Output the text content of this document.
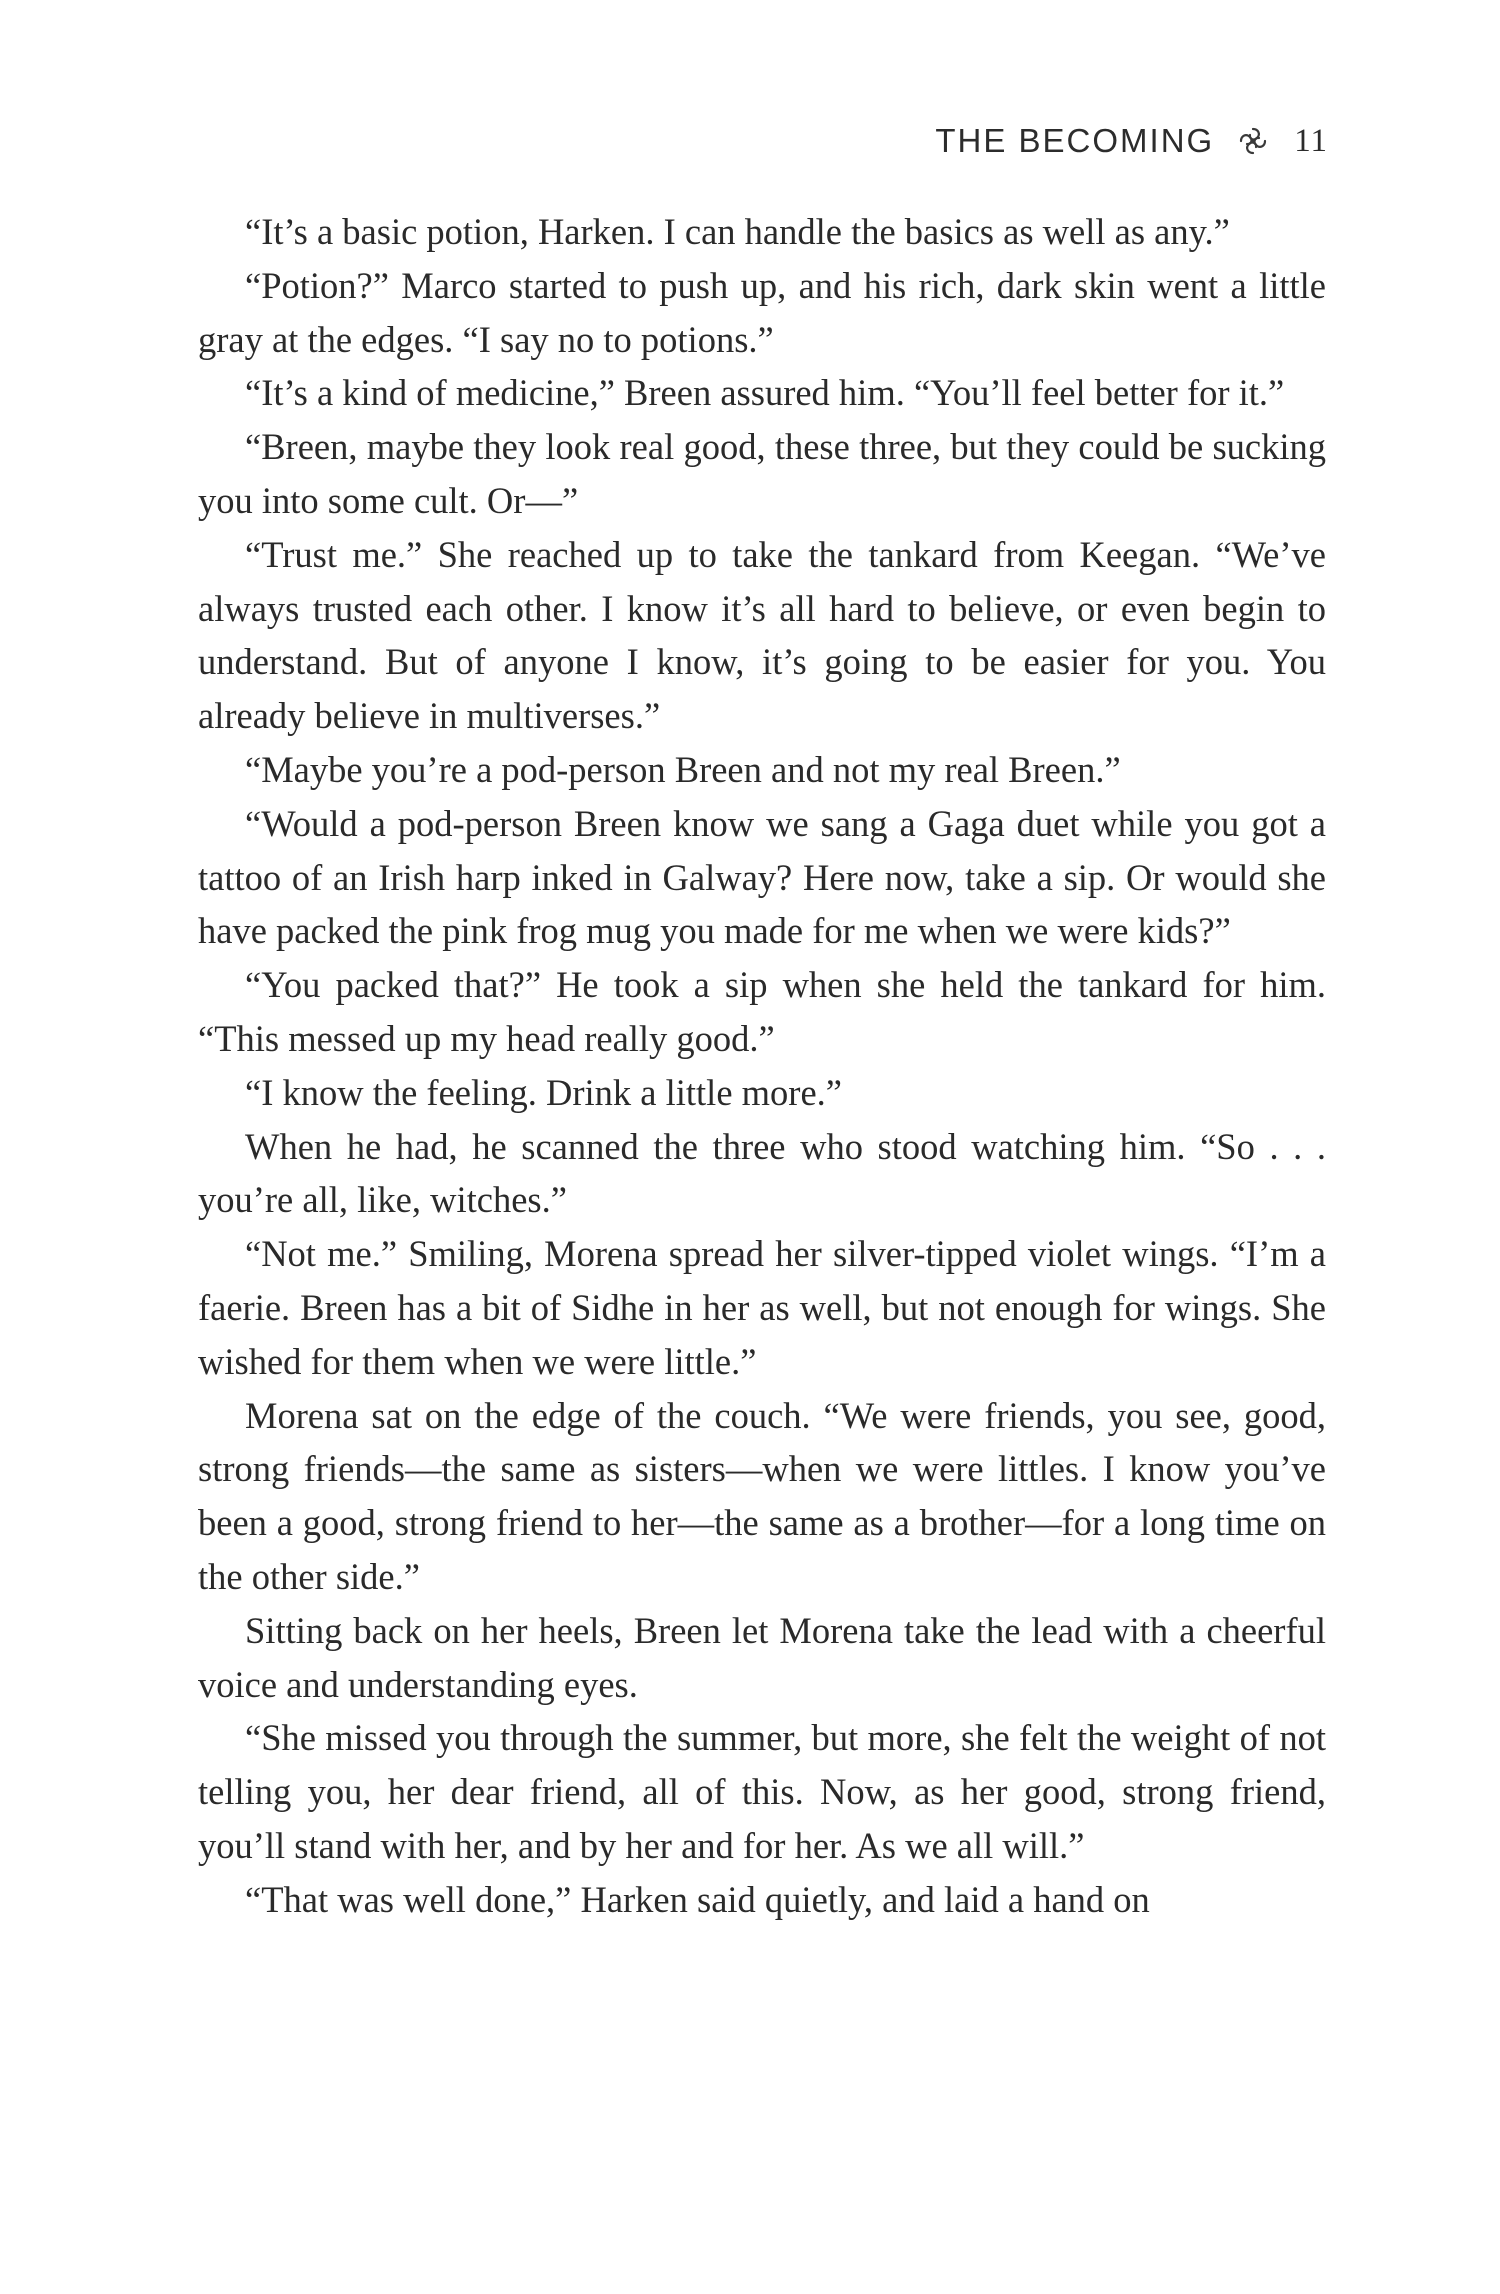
THE BECOMING 11

“It’s a basic potion, Harken. I can handle the basics as well as any.”

“Potion?” Marco started to push up, and his rich, dark skin went a little gray at the edges. “I say no to potions.”

“It’s a kind of medicine,” Breen assured him. “You’ll feel better for it.”

“Breen, maybe they look real good, these three, but they could be sucking you into some cult. Or—”

“Trust me.” She reached up to take the tankard from Keegan. “We’ve always trusted each other. I know it’s all hard to believe, or even begin to understand. But of anyone I know, it’s going to be easier for you. You already believe in multiverses.”

“Maybe you’re a pod-person Breen and not my real Breen.”

“Would a pod-person Breen know we sang a Gaga duet while you got a tattoo of an Irish harp inked in Galway? Here now, take a sip. Or would she have packed the pink frog mug you made for me when we were kids?”

“You packed that?” He took a sip when she held the tankard for him. “This messed up my head really good.”

“I know the feeling. Drink a little more.”

When he had, he scanned the three who stood watching him. “So . . . you’re all, like, witches.”

“Not me.” Smiling, Morena spread her silver-tipped violet wings. “I’m a faerie. Breen has a bit of Sidhe in her as well, but not enough for wings. She wished for them when we were little.”

Morena sat on the edge of the couch. “We were friends, you see, good, strong friends—the same as sisters—when we were littles. I know you’ve been a good, strong friend to her—the same as a brother—for a long time on the other side.”

Sitting back on her heels, Breen let Morena take the lead with a cheerful voice and understanding eyes.

“She missed you through the summer, but more, she felt the weight of not telling you, her dear friend, all of this. Now, as her good, strong friend, you’ll stand with her, and by her and for her. As we all will.”

“That was well done,” Harken said quietly, and laid a hand on
